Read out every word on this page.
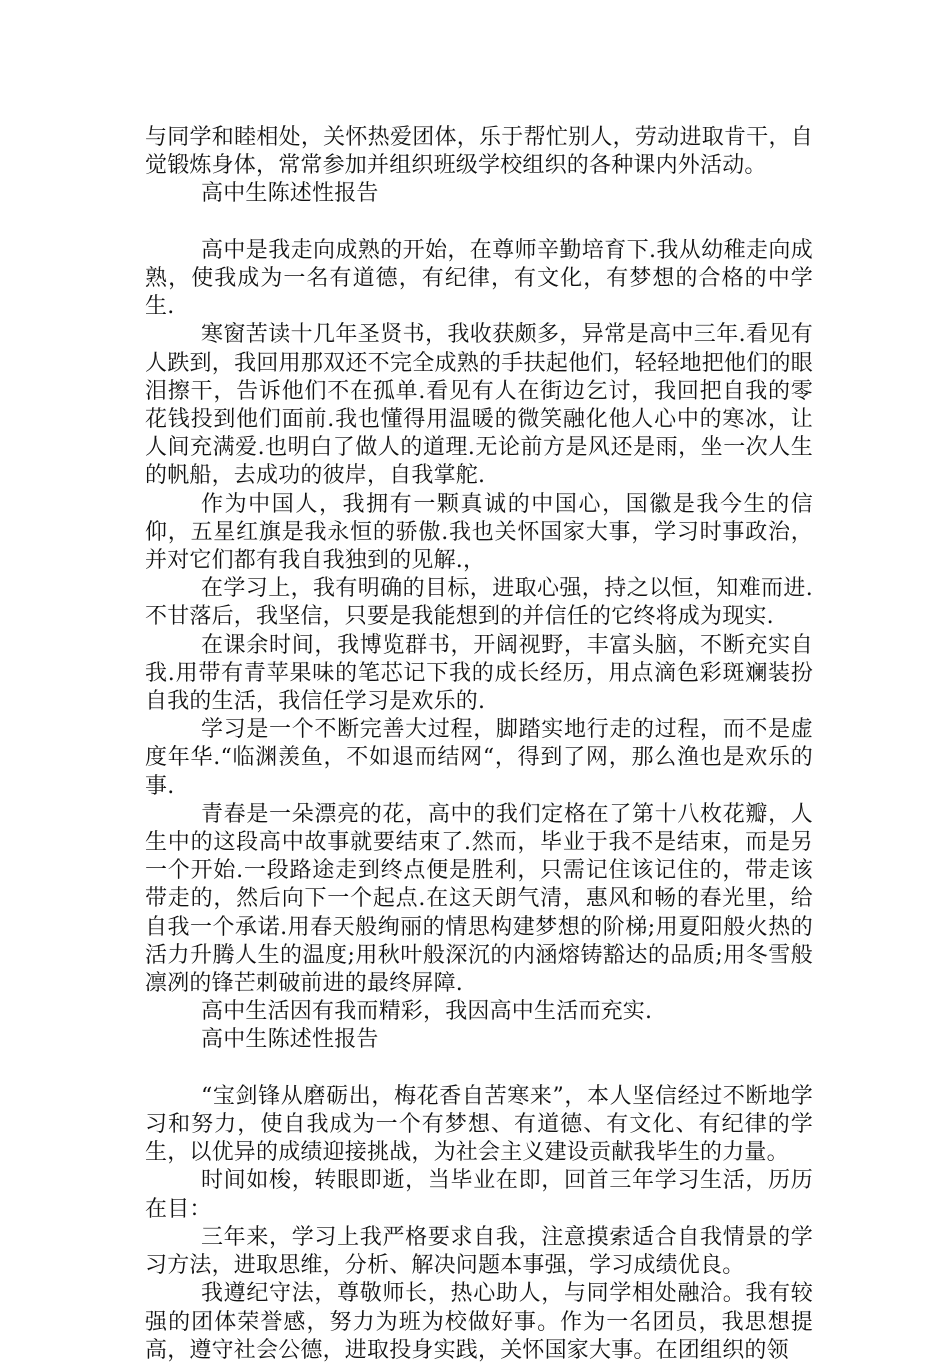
与同学和睦相处，关怀热爱团体，乐于帮忙别人，劳动进取肯干，自觉锻炼身体，常常参加并组织班级学校组织的各种课内外活动。

高中生陈述性报告

高中是我走向成熟的开始，在尊师辛勤培育下.我从幼稚走向成熟，使我成为一名有道德，有纪律，有文化，有梦想的合格的中学生.

寒窗苦读十几年圣贤书，我收获颇多，异常是高中三年.看见有人跌到，我回用那双还不完全成熟的手扶起他们，轻轻地把他们的眼泪擦干，告诉他们不在孤单.看见有人在街边乞讨，我回把自我的零花钱投到他们面前.我也懂得用温暖的微笑融化他人心中的寒冰，让人间充满爱.也明白了做人的道理.无论前方是风还是雨，坐一次人生的帆船，去成功的彼岸，自我掌舵.

作为中国人，我拥有一颗真诚的中国心，国徽是我今生的信仰，五星红旗是我永恒的骄傲.我也关怀国家大事，学习时事政治，并对它们都有我自我独到的见解.，

在学习上，我有明确的目标，进取心强，持之以恒，知难而进.不甘落后，我坚信，只要是我能想到的并信任的它终将成为现实.

在课余时间，我博览群书，开阔视野，丰富头脑，不断充实自我.用带有青苹果味的笔芯记下我的成长经历，用点滴色彩斑斓装扮自我的生活，我信任学习是欢乐的.

学习是一个不断完善大过程，脚踏实地行走的过程，而不是虚度年华.“临渊羡鱼，不如退而结网“，得到了网，那么渔也是欢乐的事.

青春是一朵漂亮的花，高中的我们定格在了第十八枚花瓣，人生中的这段高中故事就要结束了.然而，毕业于我不是结束，而是另一个开始.一段路途走到终点便是胜利，只需记住该记住的，带走该带走的，然后向下一个起点.在这天朗气清，惠风和畅的春光里，给自我一个承诺.用春天般绚丽的情思构建梦想的阶梯;用夏阳般火热的活力升腾人生的温度;用秋叶般深沉的内涵熔铸豁达的品质;用冬雪般凛冽的锋芒刺破前进的最终屏障.

高中生活因有我而精彩，我因高中生活而充实.

高中生陈述性报告

“宝剑锋从磨砺出，梅花香自苦寒来”，本人坚信经过不断地学习和努力，使自我成为一个有梦想、有道德、有文化、有纪律的学生，以优异的成绩迎接挑战，为社会主义建设贡献我毕生的力量。

时间如梭，转眼即逝，当毕业在即，回首三年学习生活，历历在目：

三年来，学习上我严格要求自我，注意摸索适合自我情景的学习方法，进取思维，分析、解决问题本事强，学习成绩优良。

我遵纪守法，尊敬师长，热心助人，与同学相处融洽。我有较强的团体荣誉感，努力为班为校做好事。作为一名团员，我思想提高，遵守社会公德，进取投身实践，关怀国家大事。在团组织的领
